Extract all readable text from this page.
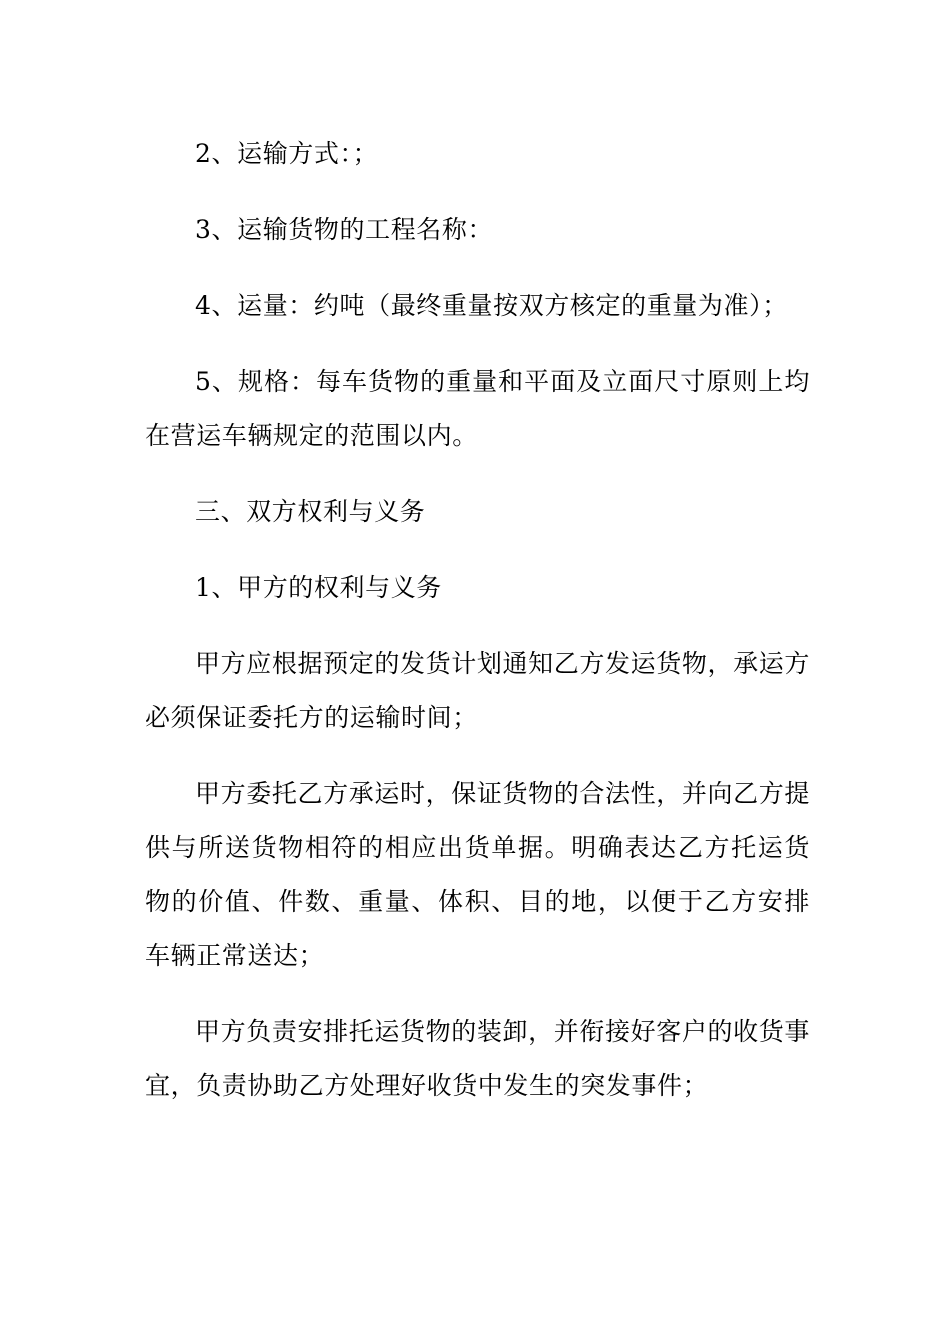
2、运输方式：；

3、运输货物的工程名称：

4、运量：约吨（最终重量按双方核定的重量为准）；

5、规格：每车货物的重量和平面及立面尺寸原则上均在营运车辆规定的范围以内。

三、双方权利与义务

1、甲方的权利与义务

甲方应根据预定的发货计划通知乙方发运货物，承运方必须保证委托方的运输时间；

甲方委托乙方承运时，保证货物的合法性，并向乙方提供与所送货物相符的相应出货单据。明确表达乙方托运货物的价值、件数、重量、体积、目的地，以便于乙方安排车辆正常送达；

甲方负责安排托运货物的装卸，并衔接好客户的收货事宜，负责协助乙方处理好收货中发生的突发事件；
